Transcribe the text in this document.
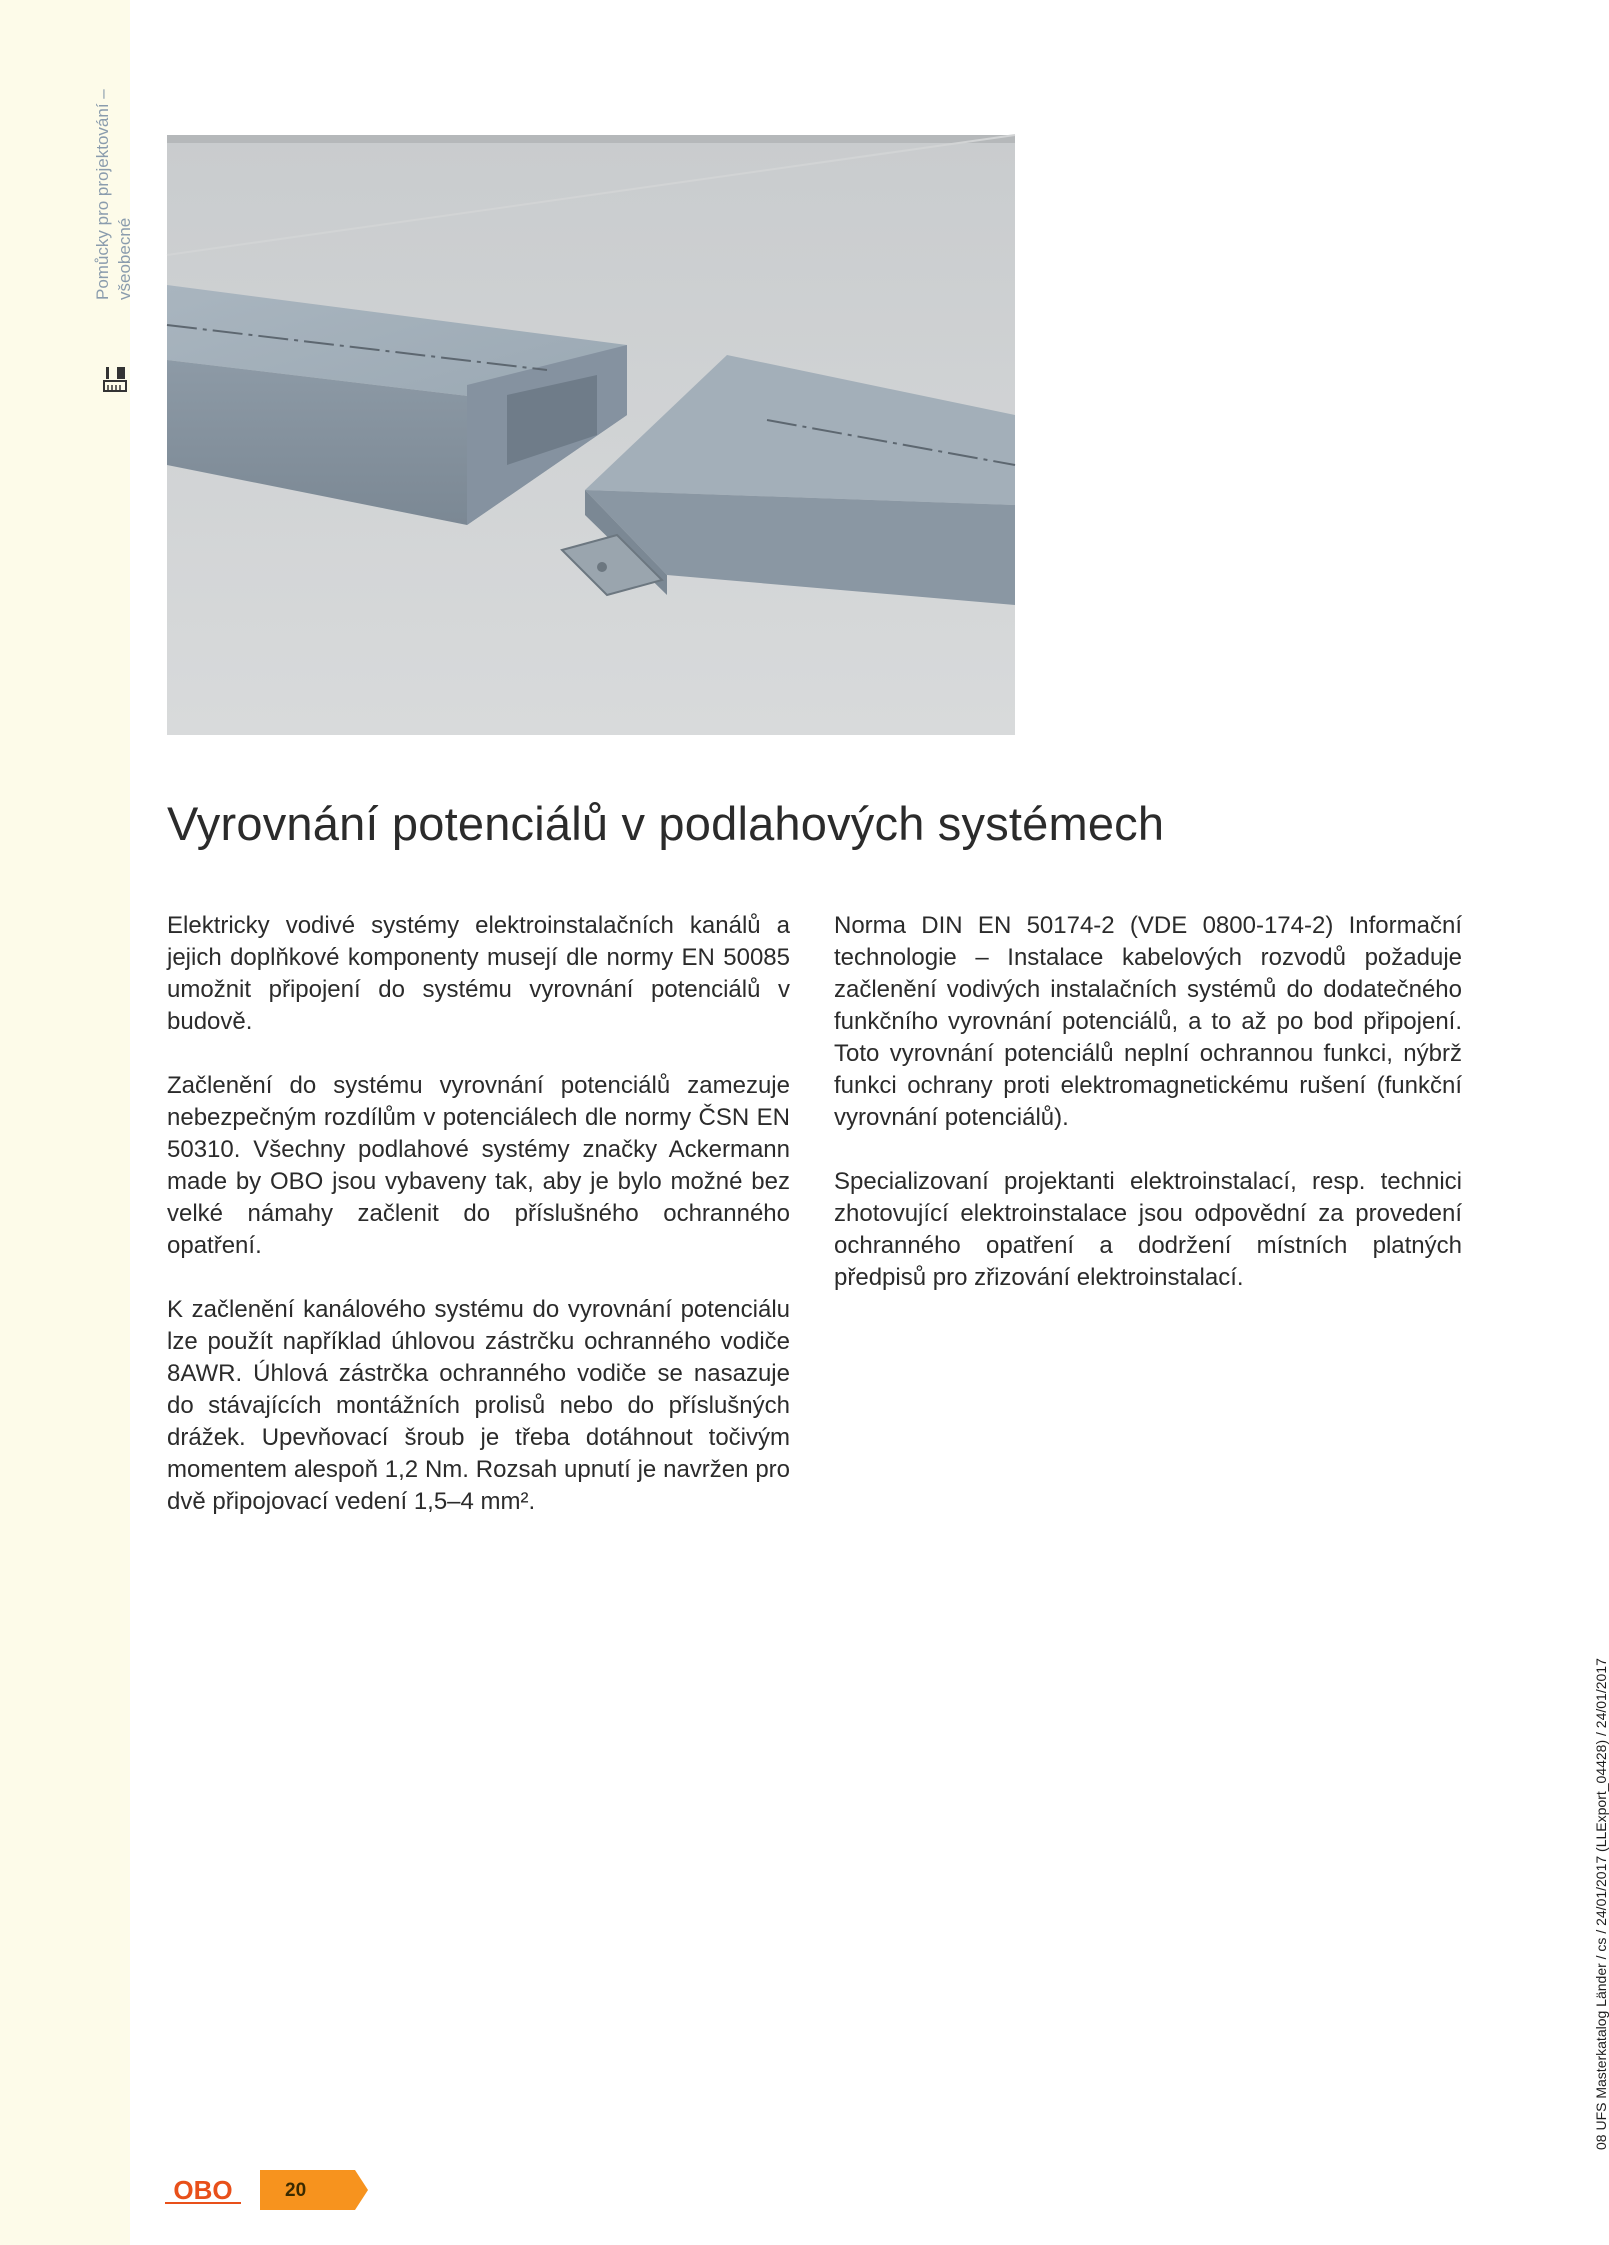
Pomůcky pro projektování – všeobecné
Vyrovnání potenciálů v podlahových systémech

Elektricky vodivé systémy elektroinstalačních kanálů a jejich doplňkové komponenty musejí dle normy EN 50085 umožnit připojení do systému vyrovnání potenciálů v budově.

Začlenění do systému vyrovnání potenciálů zamezuje nebezpečným rozdílům v potenciálech dle normy ČSN EN 50310. Všechny podlahové systémy značky Ackermann made by OBO jsou vybaveny tak, aby je bylo možné bez velké námahy začlenit do příslušného ochranného opatření.

K začlenění kanálového systému do vyrovnání potenciálu lze použít například úhlovou zástrčku ochranného vodiče 8AWR. Úhlová zástrčka ochranného vodiče se nasazuje do stávajících montážních prolisů nebo do příslušných drážek. Upevňovací šroub je třeba dotáhnout točivým momentem alespoň 1,2 Nm. Rozsah upnutí je navržen pro dvě připojovací vedení 1,5–4 mm².

Norma DIN EN 50174-2 (VDE 0800-174-2) Informační technologie – Instalace kabelových rozvodů požaduje začlenění vodivých instalačních systémů do dodatečného funkčního vyrovnání potenciálů, a to až po bod připojení. Toto vyrovnání potenciálů neplní ochrannou funkci, nýbrž funkci ochrany proti elektromagnetickému rušení (funkční vyrovnání potenciálů).

Specializovaní projektanti elektroinstalací, resp. technici zhotovující elektroinstalace jsou odpovědní za provedení ochranného opatření a dodržení místních platných předpisů pro zřizování elektroinstalací.

08 UFS Masterkatalog Länder / cs / 24/01/2017 (LLExport_04428) / 24/01/2017
OBO	20
